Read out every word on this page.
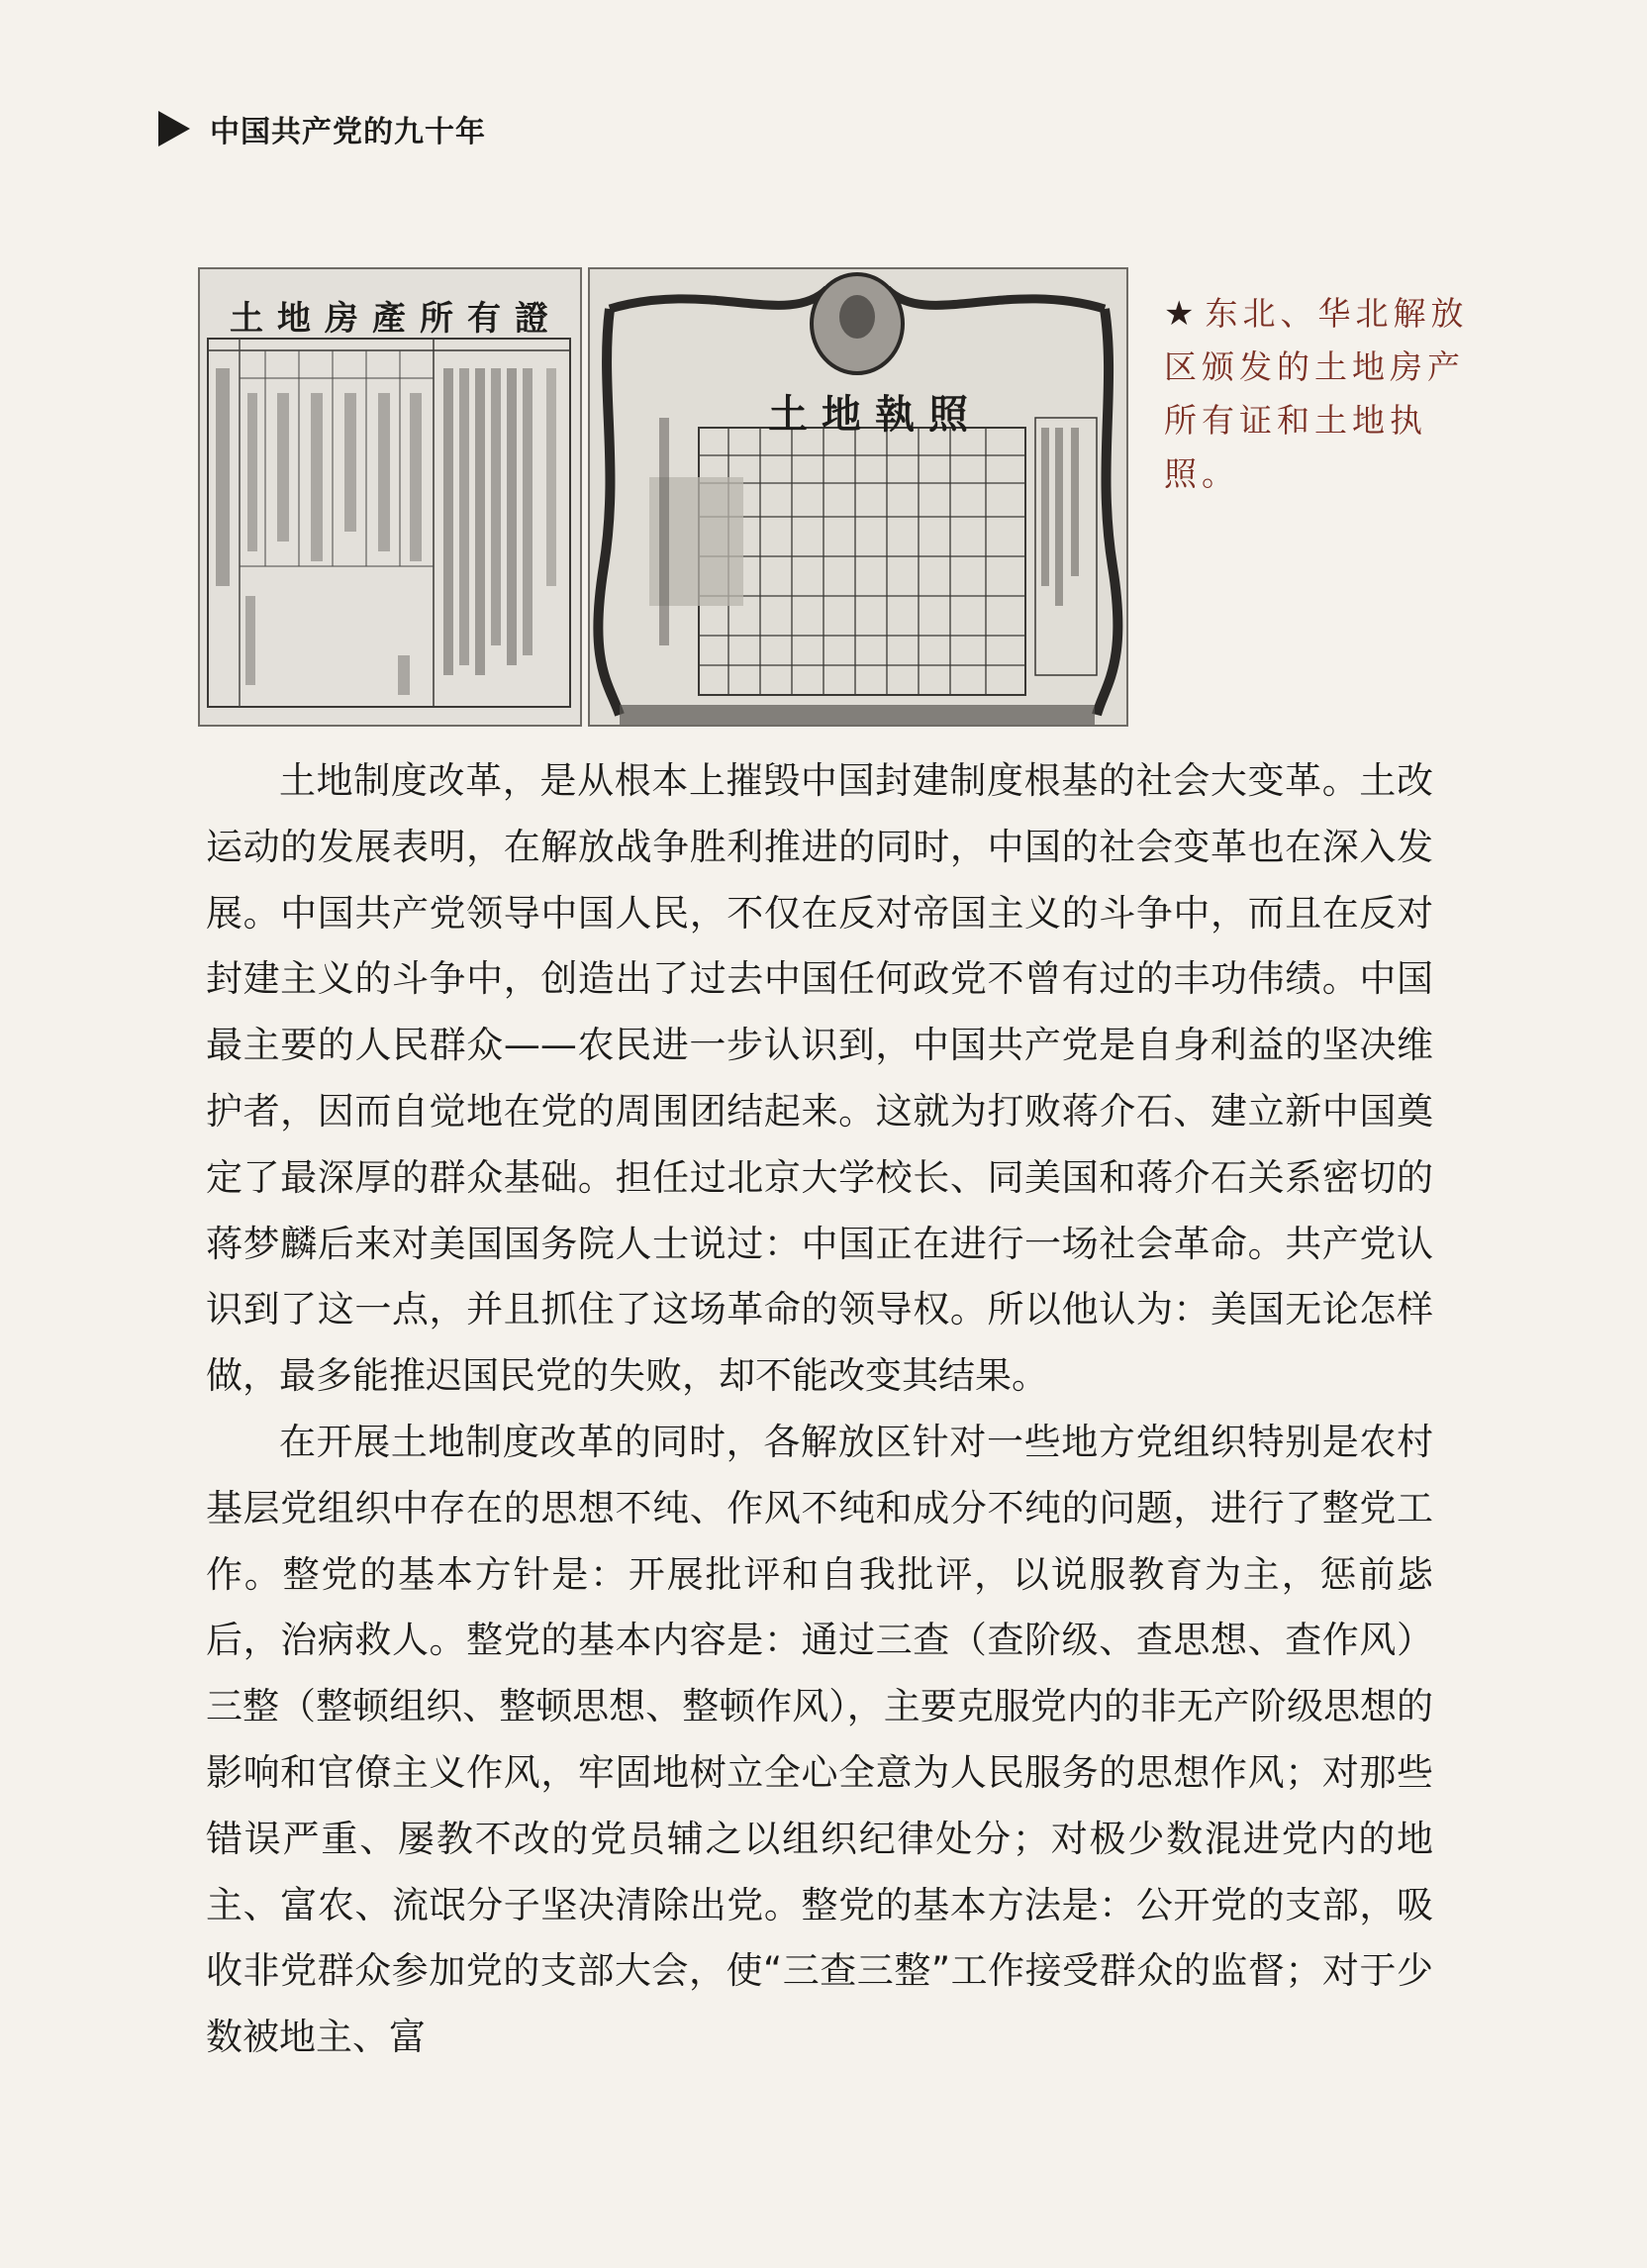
中国共产党的九十年
土地房產所有證
土地執照
★ 东北、华北解放区颁发的土地房产所有证和土地执照。

土地制度改革，是从根本上摧毁中国封建制度根基的社会大变革。土改运动的发展表明，在解放战争胜利推进的同时，中国的社会变革也在深入发展。中国共产党领导中国人民，不仅在反对帝国主义的斗争中，而且在反对封建主义的斗争中，创造出了过去中国任何政党不曾有过的丰功伟绩。中国最主要的人民群众——农民进一步认识到，中国共产党是自身利益的坚决维护者，因而自觉地在党的周围团结起来。这就为打败蒋介石、建立新中国奠定了最深厚的群众基础。担任过北京大学校长、同美国和蒋介石关系密切的蒋梦麟后来对美国国务院人士说过：中国正在进行一场社会革命。共产党认识到了这一点，并且抓住了这场革命的领导权。所以他认为：美国无论怎样做，最多能推迟国民党的失败，却不能改变其结果。

在开展土地制度改革的同时，各解放区针对一些地方党组织特别是农村基层党组织中存在的思想不纯、作风不纯和成分不纯的问题，进行了整党工作。整党的基本方针是：开展批评和自我批评，以说服教育为主，惩前毖后，治病救人。整党的基本内容是：通过三查（查阶级、查思想、查作风）三整（整顿组织、整顿思想、整顿作风），主要克服党内的非无产阶级思想的影响和官僚主义作风，牢固地树立全心全意为人民服务的思想作风；对那些错误严重、屡教不改的党员辅之以组织纪律处分；对极少数混进党内的地主、富农、流氓分子坚决清除出党。整党的基本方法是：公开党的支部，吸收非党群众参加党的支部大会，使“三查三整”工作接受群众的监督；对于少数被地主、富
